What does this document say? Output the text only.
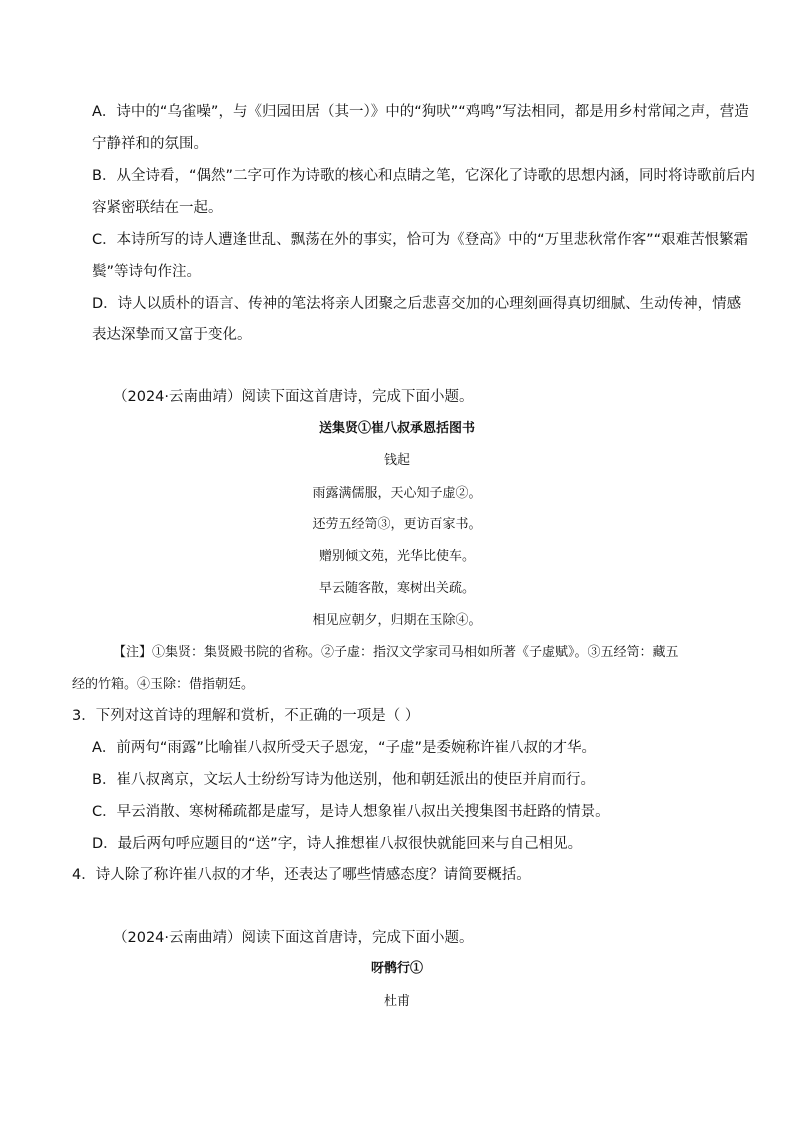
A．诗中的“乌雀噪”，与《归园田居（其一）》中的“狗吠”“鸡鸣”写法相同，都是用乡村常闻之声，营造
宁静祥和的氛围。
B．从全诗看，“偶然”二字可作为诗歌的核心和点睛之笔，它深化了诗歌的思想内涵，同时将诗歌前后内
容紧密联结在一起。
C．本诗所写的诗人遭逢世乱、飘荡在外的事实，恰可为《登高》中的“万里悲秋常作客”“艰难苦恨繁霜
鬓”等诗句作注。
D．诗人以质朴的语言、传神的笔法将亲人团聚之后悲喜交加的心理刻画得真切细腻、生动传神，情感
表达深挚而又富于变化。
（2024·云南曲靖）阅读下面这首唐诗，完成下面小题。
送集贤①崔八叔承恩括图书
钱起
雨露满儒服，天心知子虚②。
还劳五经笥③，更访百家书。
赠别倾文苑，光华比使车。
早云随客散，寒树出关疏。
相见应朝夕，归期在玉除④。
【注】①集贤：集贤殿书院的省称。②子虚：指汉文学家司马相如所著《子虚赋》。③五经笥：藏五
经的竹箱。④玉除：借指朝廷。
3．下列对这首诗的理解和赏析，不正确的一项是（ ）
A．前两句“雨露”比喻崔八叔所受天子恩宠，“子虚”是委婉称许崔八叔的才华。
B．崔八叔离京，文坛人士纷纷写诗为他送别，他和朝廷派出的使臣并肩而行。
C．早云消散、寒树稀疏都是虚写，是诗人想象崔八叔出关搜集图书赶路的情景。
D．最后两句呼应题目的“送”字，诗人推想崔八叔很快就能回来与自己相见。
4．诗人除了称许崔八叔的才华，还表达了哪些情感态度？请简要概括。
（2024·云南曲靖）阅读下面这首唐诗，完成下面小题。
呀鹘行①
杜甫
